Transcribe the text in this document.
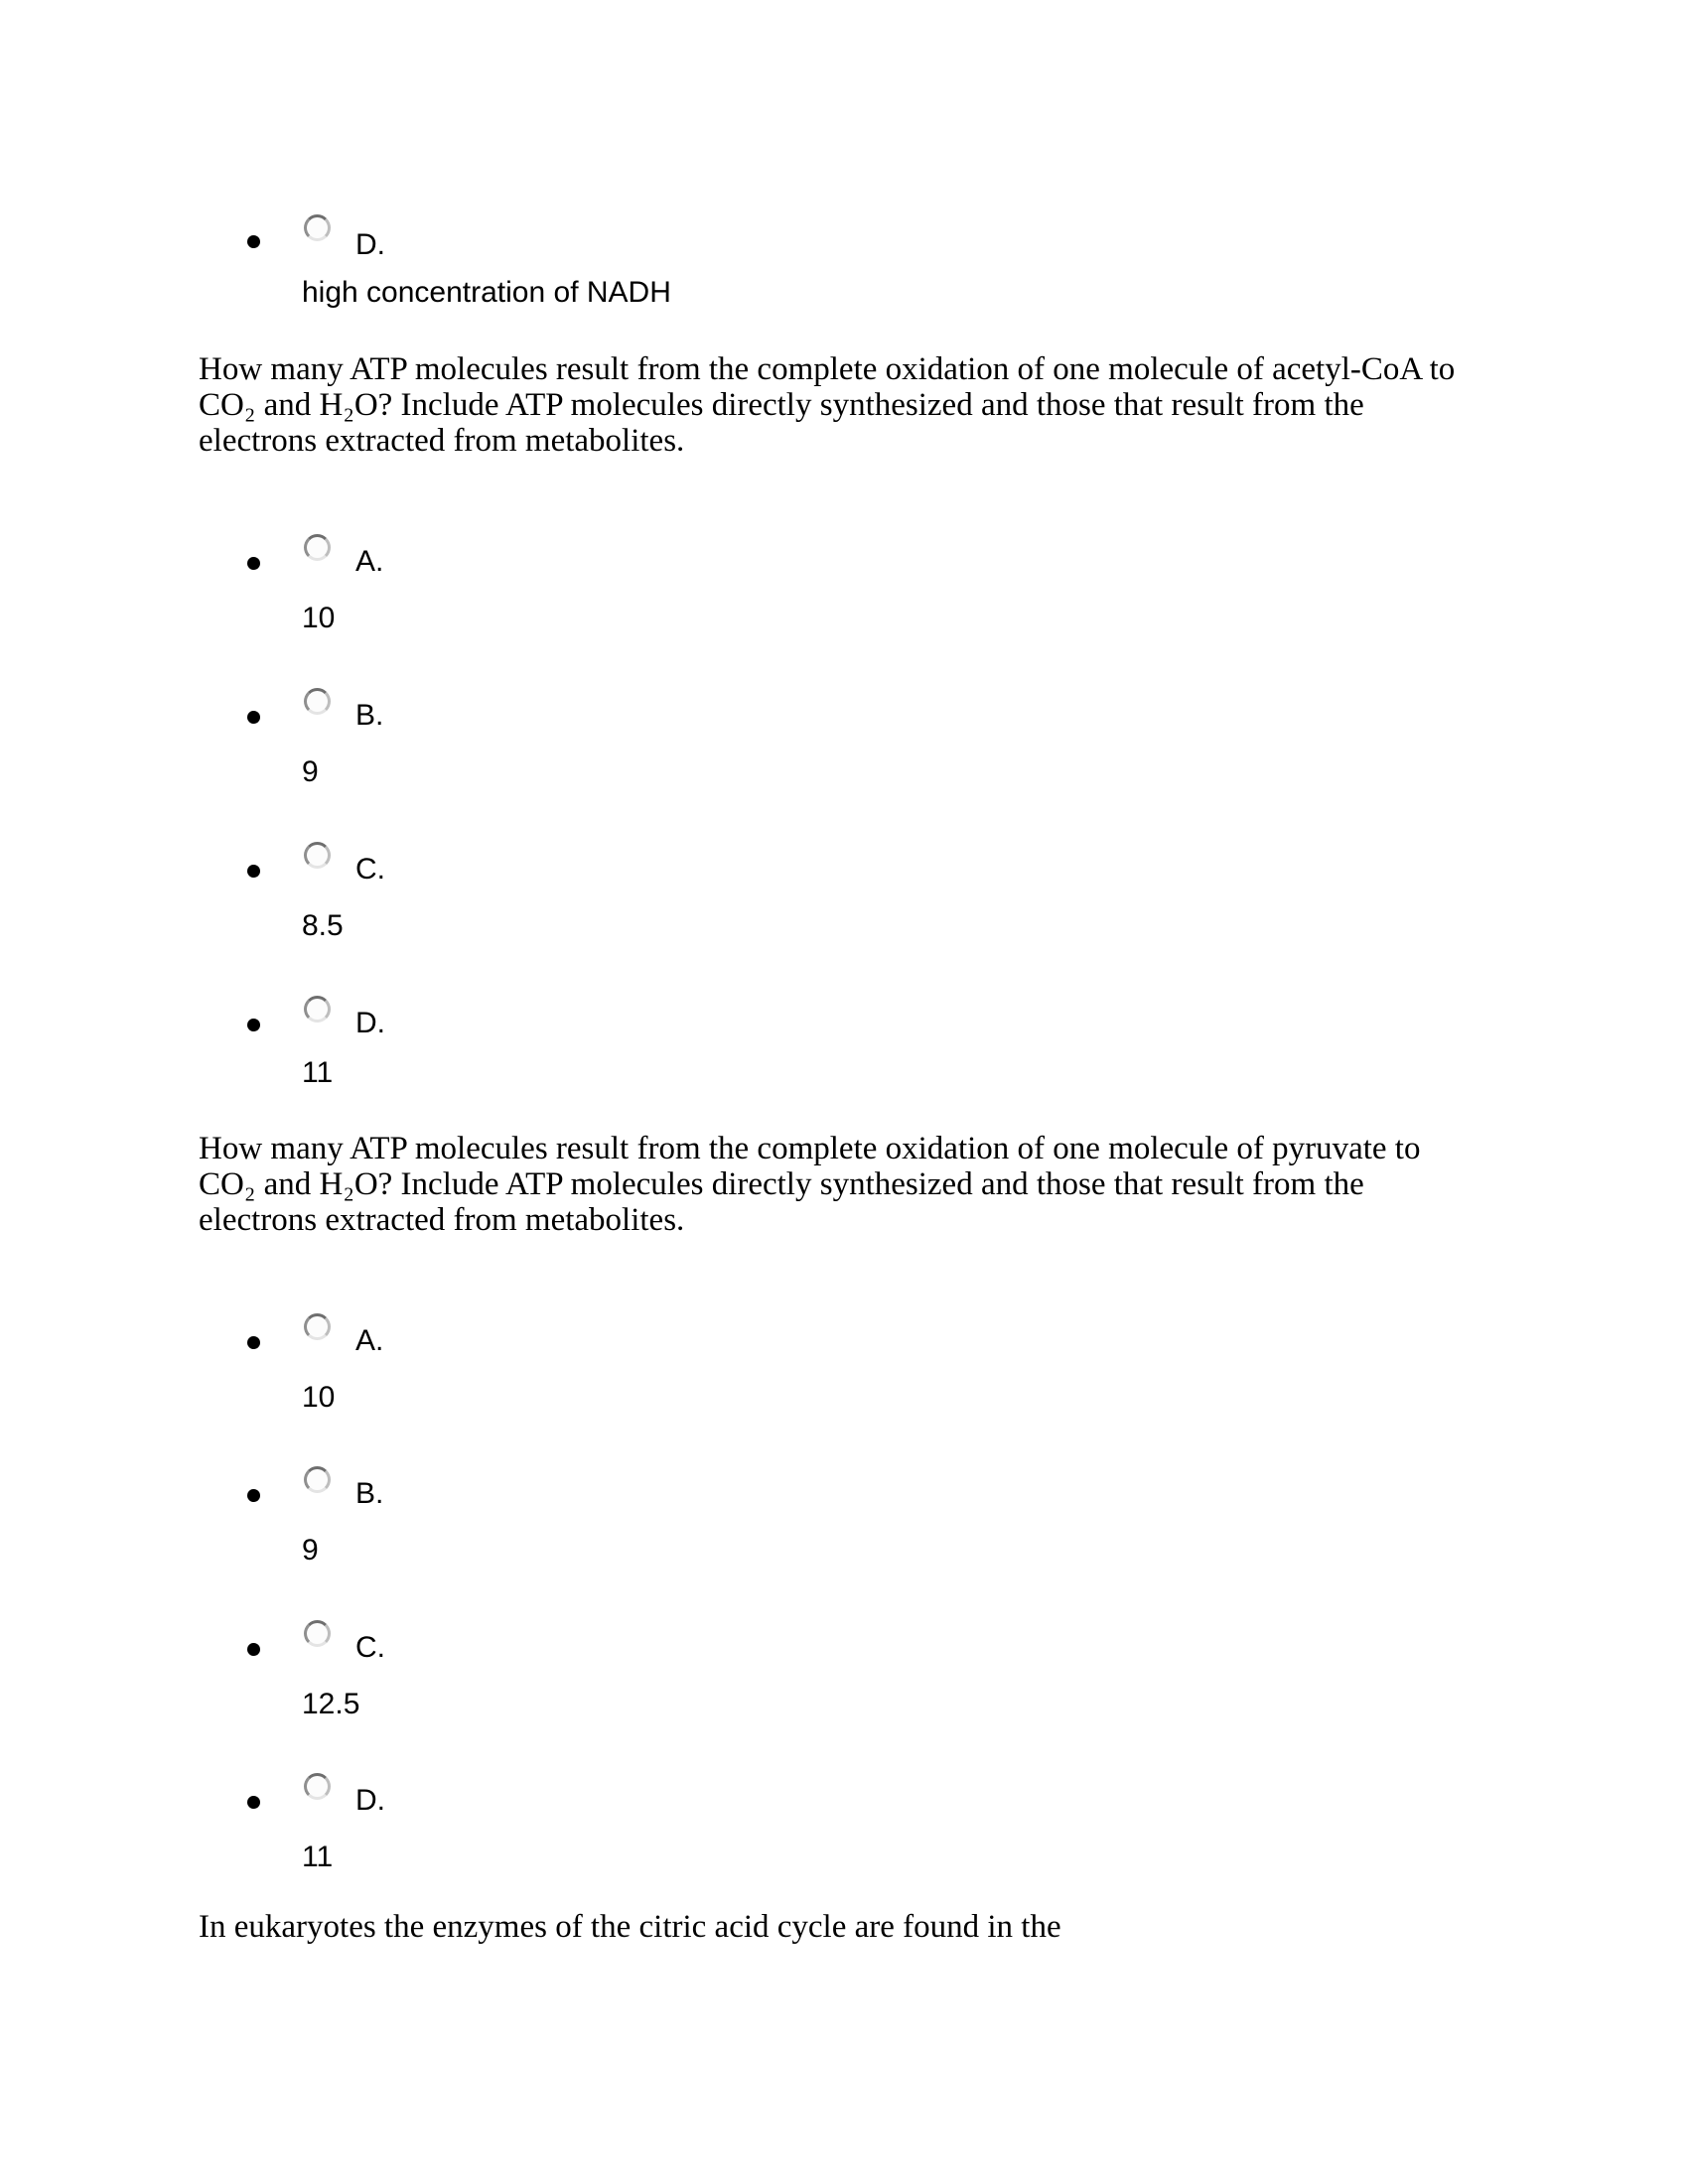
D.
high concentration of NADH
How many ATP molecules result from the complete oxidation of one molecule of acetyl-CoA to
CO₂ and H₂O? Include ATP molecules directly synthesized and those that result from the
electrons extracted from metabolites.
A.
10
B.
9
C.
8.5
D.
11
How many ATP molecules result from the complete oxidation of one molecule of pyruvate to
CO₂ and H₂O? Include ATP molecules directly synthesized and those that result from the
electrons extracted from metabolites.
A.
10
B.
9
C.
12.5
D.
11
In eukaryotes the enzymes of the citric acid cycle are found in the
